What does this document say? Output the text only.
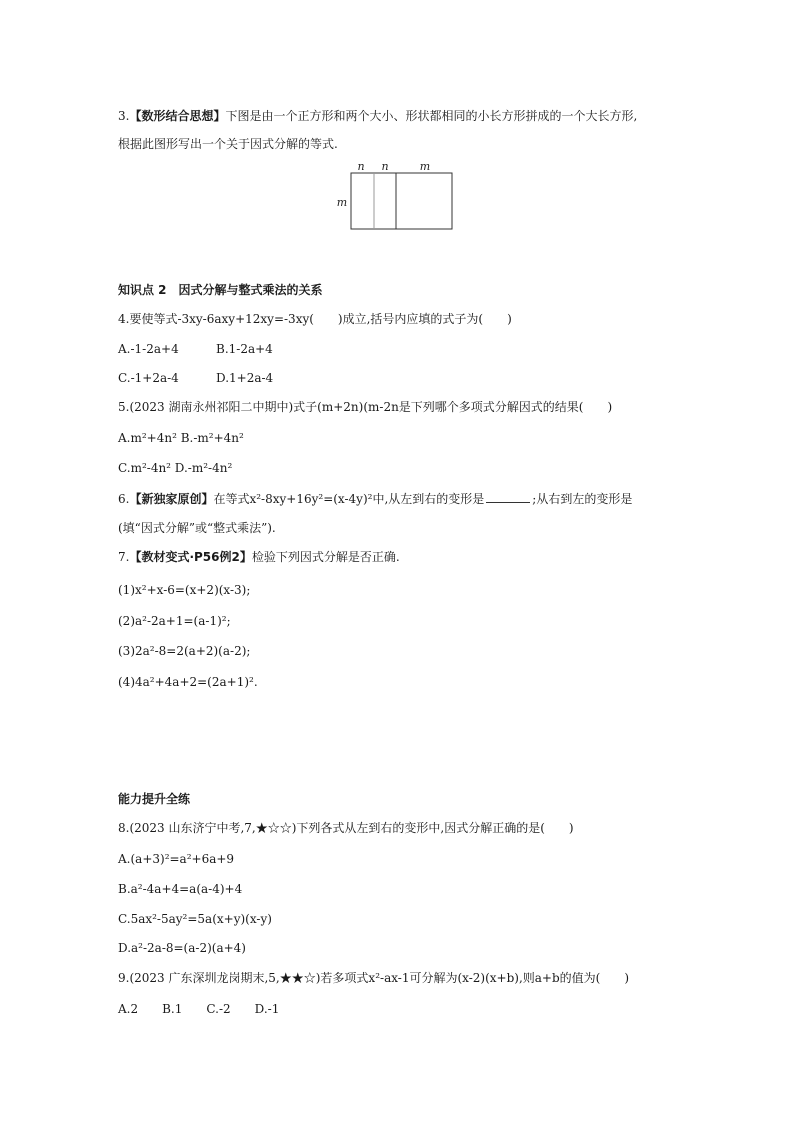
3.【数形结合思想】下图是由一个正方形和两个大小、形状都相同的小长方形拼成的一个大长方形,
根据此图形写出一个关于因式分解的等式.
n n	m
m
知识点 2　因式分解与整式乘法的关系
4.要使等式-3xy-6axy+12xy=-3xy(　　)成立,括号内应填的式子为(　　)
A.-1-2a+4	B.1-2a+4
C.-1+2a-4	D.1+2a-4
5.(2023 湖南永州祁阳二中期中)式子(m+2n)(m-2n是下列哪个多项式分解因式的结果(　　)
A.m²+4n² B.-m²+4n²
C.m²-4n² D.-m²-4n²
6.【新独家原创】在等式x²-8xy+16y²=(x-4y)²中,从左到右的变形是	;从右到左的变形是
(填“因式分解”或“整式乘法”).
7.【教材变式·P56例2】检验下列因式分解是否正确.
(1)x²+x-6=(x+2)(x-3);
(2)a²-2a+1=(a-1)²;
(3)2a²-8=2(a+2)(a-2);
(4)4a²+4a+2=(2a+1)².
能力提升全练
8.(2023 山东济宁中考,7,★☆☆)下列各式从左到右的变形中,因式分解正确的是(　　)
A.(a+3)²=a²+6a+9
B.a²-4a+4=a(a-4)+4
C.5ax²-5ay²=5a(x+y)(x-y)
D.a²-2a-8=(a-2)(a+4)
9.(2023 广东深圳龙岗期末,5,★★☆)若多项式x²-ax-1可分解为(x-2)(x+b),则a+b的值为(　　)
A.2　　B.1　　C.-2　　D.-1
